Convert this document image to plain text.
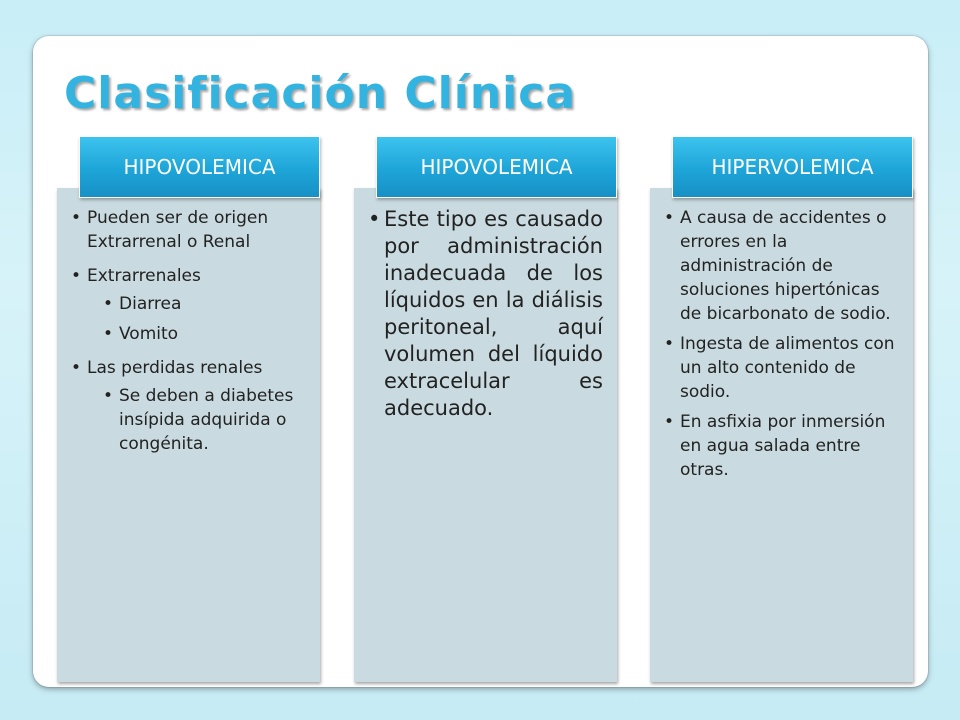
Clasificación Clínica
HIPOVOLEMICA
• Pueden ser de origen Extrarrenal o Renal
• Extrarrenales
• Diarrea
• Vomito
• Las perdidas renales
• Se deben a diabetes insípida adquirida o congénita.
HIPOVOLEMICA
• Este tipo es causado por administración inadecuada de los líquidos en la diálisis peritoneal, aquí volumen del líquido extracelular es adecuado.
HIPERVOLEMICA
• A causa de accidentes o errores en la administración de soluciones hipertónicas de bicarbonato de sodio.
• Ingesta de alimentos con un alto contenido de sodio.
• En asfixia por inmersión en agua salada entre otras.
